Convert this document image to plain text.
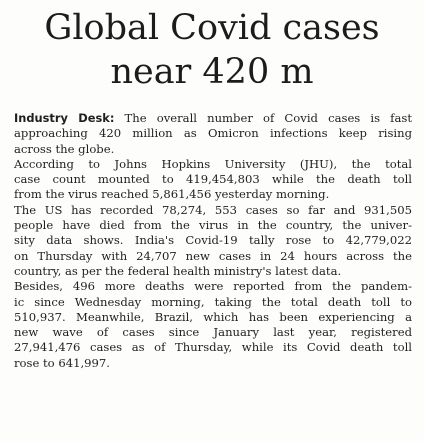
Global Covid cases
near 420 m
Industry Desk: The overall number of Covid cases is fast
approaching 420 million as Omicron infections keep rising
across the globe.
According to Johns Hopkins University (JHU), the total
case count mounted to 419,454,803 while the death toll
from the virus reached 5,861,456 yesterday morning.
The US has recorded 78,274, 553 cases so far and 931,505
people have died from the virus in the country, the univer-
sity data shows. India's Covid-19 tally rose to 42,779,022
on Thursday with 24,707 new cases in 24 hours across the
country, as per the federal health ministry's latest data.
Besides, 496 more deaths were reported from the pandem-
ic since Wednesday morning, taking the total death toll to
510,937. Meanwhile, Brazil, which has been experiencing a
new wave of cases since January last year, registered
27,941,476 cases as of Thursday, while its Covid death toll
rose to 641,997.
